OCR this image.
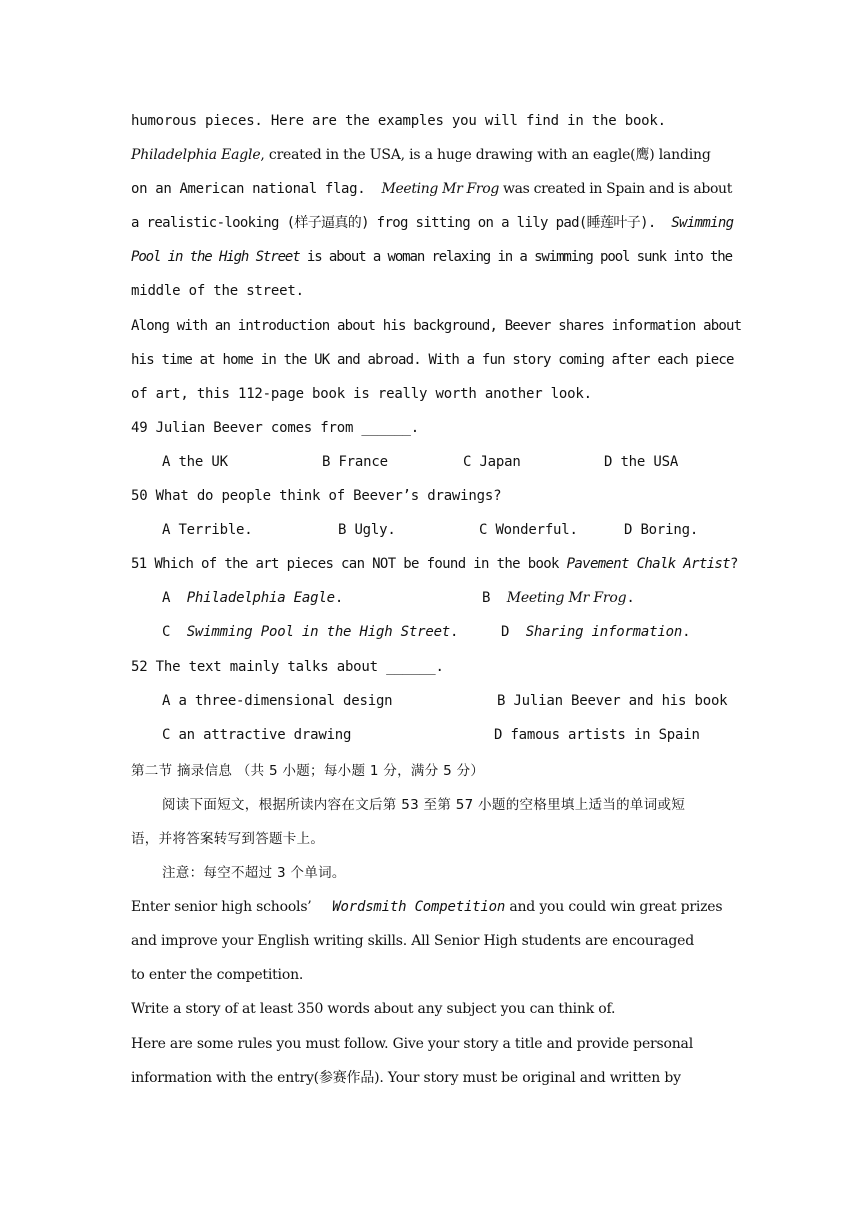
humorous pieces. Here are the examples you will find in the book.
Philadelphia Eagle, created in the USA, is a huge drawing with an eagle(鹰) landing
on an American national flag. Meeting Mr Frog was created in Spain and is about
a realistic-looking (样子逼真的) frog sitting on a lily pad(睡莲叶子). Swimming
Pool in the High Street is about a woman relaxing in a swimming pool sunk into the
middle of the street.
Along with an introduction about his background, Beever shares information about
his time at home in the UK and abroad. With a fun story coming after each piece
of art, this 112-page book is really worth another look.
49 Julian Beever comes from ______.
A the UK	B France	C Japan	D the USA
50 What do people think of Beever’s drawings?
A Terrible.	B Ugly.	C Wonderful.	D Boring.
51 Which of the art pieces can NOT be found in the book Pavement Chalk Artist?
A Philadelphia Eagle.	B Meeting Mr Frog.
C Swimming Pool in the High Street.	D Sharing information.
52 The text mainly talks about ______.
A a three-dimensional design	B Julian Beever and his book
C an attractive drawing	D famous artists in Spain
第二节 摘录信息 （共 5 小题；每小题 1 分，满分 5 分）
阅读下面短文，根据所读内容在文后第 53 至第 57 小题的空格里填上适当的单词或短
语，并将答案转写到答题卡上。
注意：每空不超过 3 个单词。
Enter senior high schools’   Wordsmith Competition and you could win great prizes
and improve your English writing skills. All Senior High students are encouraged
to enter the competition.
Write a story of at least 350 words about any subject you can think of.
Here are some rules you must follow. Give your story a title and provide personal
information with the entry(参赛作品). Your story must be original and written by
